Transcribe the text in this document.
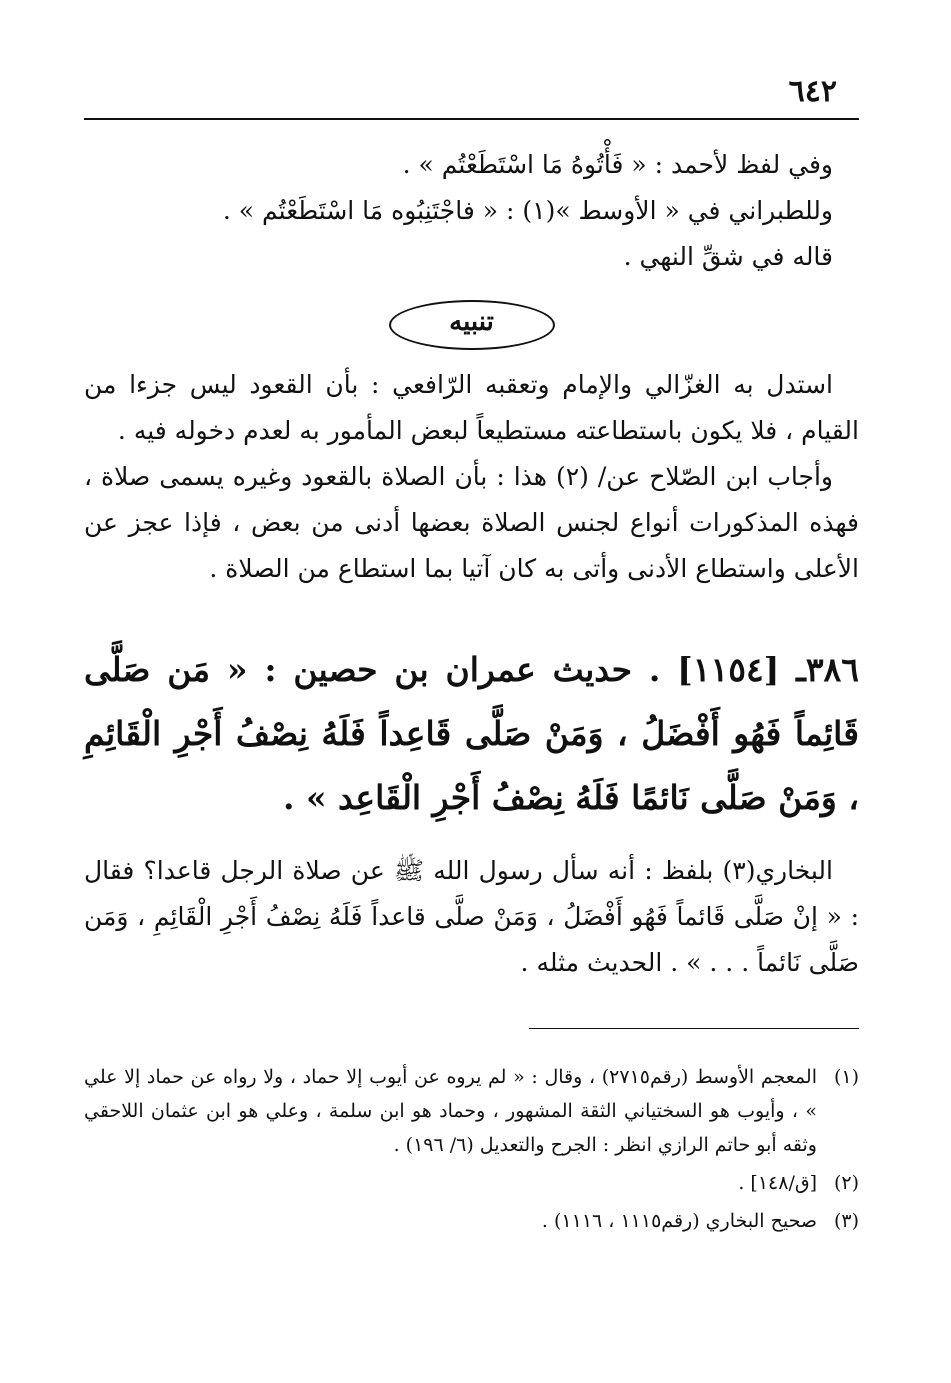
٦٤٢

وفي لفظ لأحمد : « فَأْتُوهُ مَا اسْتَطَعْتُم » .

وللطبراني في « الأوسط »(١) : « فاجْتَنِبُوه مَا اسْتَطَعْتُم » .

قاله في شقِّ النهي .

تنبيه

استدل به الغزّالي والإمام وتعقبه الرّافعي : بأن القعود ليس جزءا من القيام ، فلا يكون باستطاعته مستطيعاً لبعض المأمور به لعدم دخوله فيه .

وأجاب ابن الصّلاح عن/ (٢) هذا : بأن الصلاة بالقعود وغيره يسمى صلاة ، فهذه المذكورات أنواع لجنس الصلاة بعضها أدنى من بعض ، فإذا عجز عن الأعلى واستطاع الأدنى وأتى به كان آتيا بما استطاع من الصلاة .

٣٨٦ـ [١١٥٤] . حديث عمران بن حصين : « مَن صَلَّى قَائِماً فَهُو أَفْضَلُ ، وَمَنْ صَلَّى قَاعِداً فَلَهُ نِصْفُ أَجْرِ الْقَائِمِ ، وَمَنْ صَلَّى نَائمًا فَلَهُ نِصْفُ أَجْرِ الْقَاعِد » .

البخاري(٣) بلفظ : أنه سأل رسول الله ﷺ عن صلاة الرجل قاعدا؟ فقال : « إنْ صَلَّى قَائماً فَهُو أَفْضَلُ ، وَمَنْ صلَّى قاعداً فَلَهُ نِصْفُ أَجْرِ الْقَائِمِ ، وَمَن صَلَّى نَائماً . . . » . الحديث مثله .

(١)
المعجم الأوسط (رقم٢٧١٥) ، وقال : « لم يروه عن أيوب إلا حماد ، ولا رواه عن حماد إلا علي » ، وأيوب هو السختياني الثقة المشهور ، وحماد هو ابن سلمة ، وعلي هو ابن عثمان اللاحقي وثقه أبو حاتم الرازي انظر : الجرح والتعديل (٦/ ١٩٦) .
(٢)
[ق/١٤٨] .
(٣)
صحيح البخاري (رقم١١١٥ ، ١١١٦) .
